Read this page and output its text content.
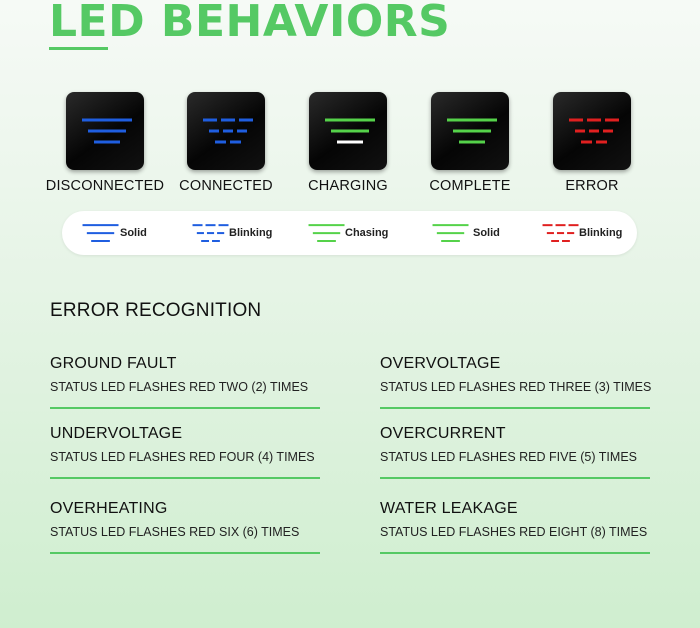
LED BEHAVIORS
DISCONNECTED	CONNECTED	CHARGING	COMPLETE	ERROR
Solid	Blinking	Chasing	Solid	Blinking
ERROR RECOGNITION
GROUND FAULT
STATUS LED FLASHES RED TWO (2) TIMES
OVERVOLTAGE
STATUS LED FLASHES RED THREE (3) TIMES
UNDERVOLTAGE
STATUS LED FLASHES RED FOUR (4) TIMES
OVERCURRENT
STATUS LED FLASHES RED FIVE (5) TIMES
OVERHEATING
STATUS LED FLASHES RED SIX (6) TIMES
WATER LEAKAGE
STATUS LED FLASHES RED EIGHT (8) TIMES
